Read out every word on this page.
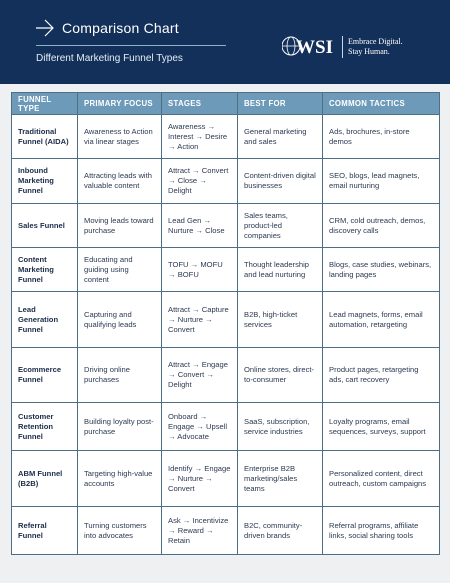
Comparison Chart
Different Marketing Funnel Types
WSI Embrace Digital.
Stay Human.
FUNNEL TYPE	PRIMARY FOCUS	STAGES	BEST FOR	COMMON TACTICS
Traditional Funnel (AIDA)	Awareness to Action via linear stages	Awareness → Interest → Desire → Action	General marketing and sales	Ads, brochures, in-store demos
Inbound Marketing Funnel	Attracting leads with valuable content	Attract → Convert → Close → Delight	Content-driven digital businesses	SEO, blogs, lead magnets, email nurturing
Sales Funnel	Moving leads toward purchase	Lead Gen → Nurture → Close	Sales teams, product-led companies	CRM, cold outreach, demos, discovery calls
Content Marketing Funnel	Educating and guiding using content	TOFU → MOFU → BOFU	Thought leadership and lead nurturing	Blogs, case studies, webinars, landing pages
Lead Generation Funnel	Capturing and qualifying leads	Attract → Capture → Nurture → Convert	B2B, high-ticket services	Lead magnets, forms, email automation, retargeting
Ecommerce Funnel	Driving online purchases	Attract → Engage → Convert → Delight	Online stores, direct-to-consumer	Product pages, retargeting ads, cart recovery
Customer Retention Funnel	Building loyalty post-purchase	Onboard → Engage → Upsell → Advocate	SaaS, subscription, service industries	Loyalty programs, email sequences, surveys, support
ABM Funnel (B2B)	Targeting high-value accounts	Identify → Engage → Nurture → Convert	Enterprise B2B marketing/sales teams	Personalized content, direct outreach, custom campaigns
Referral Funnel	Turning customers into advocates	Ask → Incentivize → Reward → Retain	B2C, community-driven brands	Referral programs, affiliate links, social sharing tools
